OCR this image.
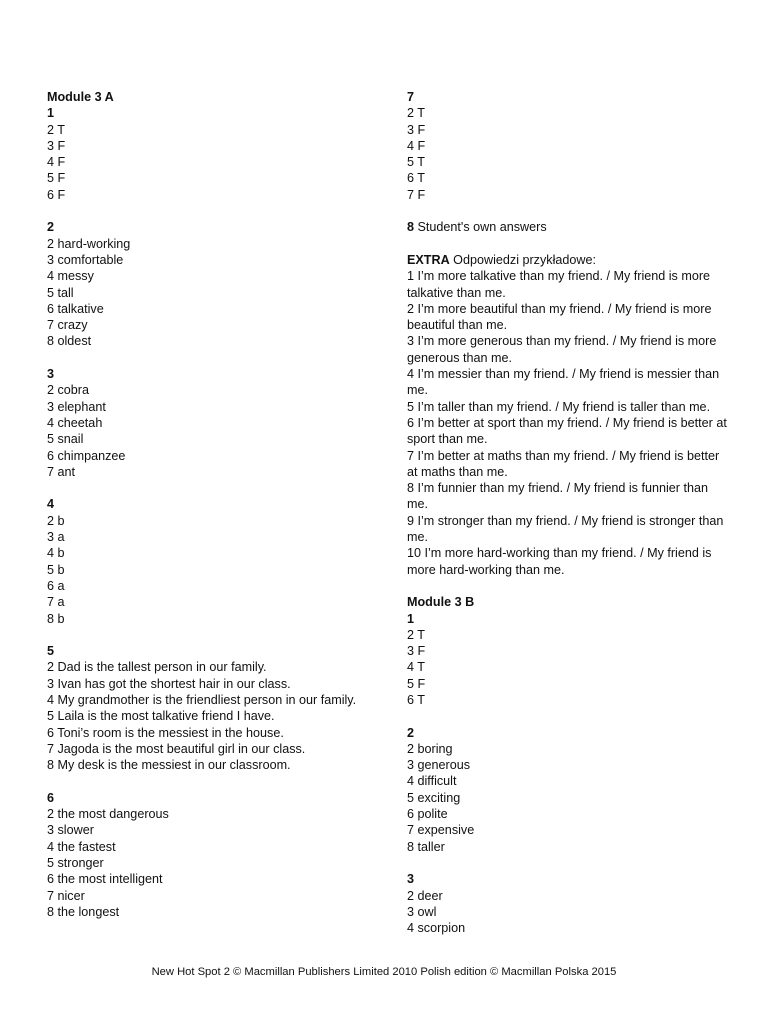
Module 3 A
1
2 T
3 F
4 F
5 F
6 F
2
2 hard-working
3 comfortable
4 messy
5 tall
6 talkative
7 crazy
8 oldest
3
2 cobra
3 elephant
4 cheetah
5 snail
6 chimpanzee
7 ant
4
2 b
3 a
4 b
5 b
6 a
7 a
8 b
5
2 Dad is the tallest person in our family.
3 Ivan has got the shortest hair in our class.
4 My grandmother is the friendliest person in our family.
5 Laila is the most talkative friend I have.
6 Toni’s room is the messiest in the house.
7 Jagoda is the most beautiful girl in our class.
8 My desk is the messiest in our classroom.
6
2 the most dangerous
3 slower
4 the fastest
5 stronger
6 the most intelligent
7 nicer
8 the longest
7
2 T
3 F
4 F
5 T
6 T
7 F
8 Student's own answers
EXTRA Odpowiedzi przykładowe:
1 I’m more talkative than my friend. / My friend is more talkative than me.
2 I’m more beautiful than my friend. / My friend is more beautiful than me.
3 I’m more generous than my friend. / My friend is more generous than me.
4 I’m messier than my friend. / My friend is messier than me.
5 I’m taller than my friend. / My friend is taller than me.
6 I’m better at sport than my friend. / My friend is better at sport than me.
7 I’m better at maths than my friend. / My friend is better at maths than me.
8 I’m funnier than my friend. / My friend is funnier than me.
9 I’m stronger than my friend. / My friend is stronger than me.
10 I’m more hard-working than my friend. / My friend is more hard-working than me.
Module 3 B
1
2 T
3 F
4 T
5 F
6 T
2
2 boring
3 generous
4 difficult
5 exciting
6 polite
7 expensive
8 taller
3
2 deer
3 owl
4 scorpion
New Hot Spot 2 © Macmillan Publishers Limited 2010 Polish edition © Macmillan Polska 2015
